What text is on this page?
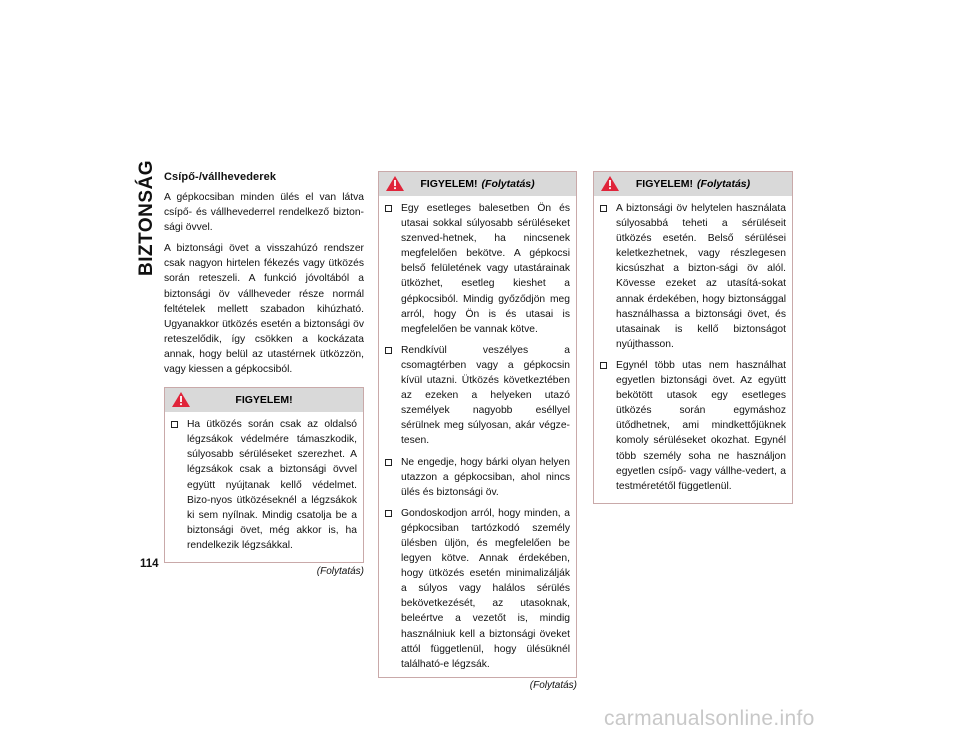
BIZTONSÁG Csípő-/vállhevederek

A gépkocsiban minden ülés el van látva csípő- és vállhevederrel rendelkező bizton-sági övvel.

A biztonsági övet a visszahúzó rendszer csak nagyon hirtelen fékezés vagy ütközés során reteszeli. A funkció jóvoltából a biztonsági öv vállheveder része normál feltételek mellett szabadon kihúzható. Ugyanakkor ütközés esetén a biztonsági öv reteszelődik, így csökken a kockázata annak, hogy belül az utastérnek ütközzön, vagy kiessen a gépkocsiból.

FIGYELEM!
Ha ütközés során csak az oldalsó légzsákok védelmére támaszkodik, súlyosabb sérüléseket szerezhet. A légzsákok csak a biztonsági övvel együtt nyújtanak kellő védelmet. Bizo-nyos ütközéseknél a légzsákok ki sem nyílnak. Mindig csatolja be a biztonsági övet, még akkor is, ha rendelkezik légzsákkal.
(Folytatás)
FIGYELEM! (Folytatás)
Egy esetleges balesetben Ön és utasai sokkal súlyosabb sérüléseket szenved-hetnek, ha nincsenek megfelelően bekötve. A gépkocsi belső felületének vagy utastárainak ütközhet, esetleg kieshet a gépkocsiból. Mindig győződjön meg arról, hogy Ön is és utasai is megfelelően be vannak kötve.
Rendkívül veszélyes a csomagtérben vagy a gépkocsin kívül utazni. Ütközés következtében az ezeken a helyeken utazó személyek nagyobb eséllyel sérülnek meg súlyosan, akár végze-tesen.
Ne engedje, hogy bárki olyan helyen utazzon a gépkocsiban, ahol nincs ülés és biztonsági öv.
Gondoskodjon arról, hogy minden, a gépkocsiban tartózkodó személy ülésben üljön, és megfelelően be legyen kötve. Annak érdekében, hogy ütközés esetén minimalizálják a súlyos vagy halálos sérülés bekövetkezését, az utasoknak, beleértve a vezetőt is, mindig használniuk kell a biztonsági öveket attól függetlenül, hogy ülésüknél található-e légzsák.
(Folytatás)
FIGYELEM! (Folytatás)
A biztonsági öv helytelen használata súlyosabbá teheti a sérüléseit ütközés esetén. Belső sérülései keletkezhetnek, vagy részlegesen kicsúszhat a bizton-sági öv alól. Kövesse ezeket az utasítá-sokat annak érdekében, hogy biztonsággal használhassa a biztonsági övet, és utasainak is kellő biztonságot nyújthasson.
Egynél több utas nem használhat egyetlen biztonsági övet. Az együtt bekötött utasok egy esetleges ütközés során egymáshoz ütődhetnek, ami mindkettőjüknek komoly sérüléseket okozhat. Egynél több személy soha ne használjon egyetlen csípő- vagy vállhe-vedert, a testméretétől függetlenül.
114
carmanualsonline.info
